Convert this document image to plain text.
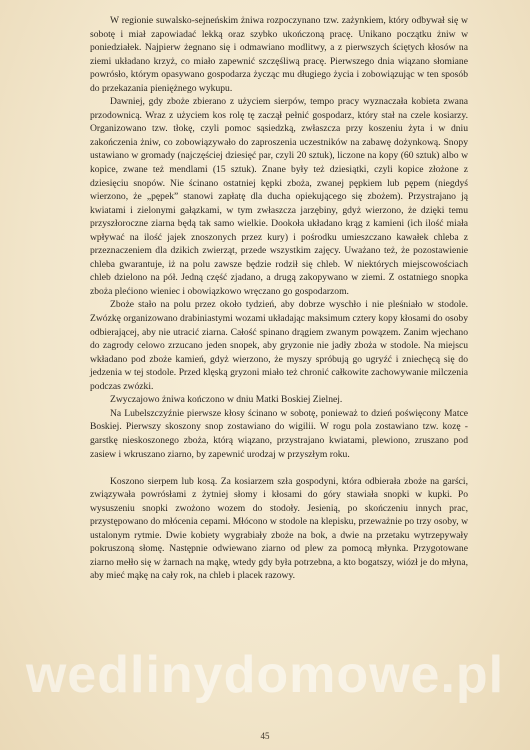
W regionie suwalsko-sejneńskim żniwa rozpoczynano tzw. zażynkiem, który odbywał się w sobotę i miał zapowiadać lekką oraz szybko ukończoną pracę. Unikano początku żniw w poniedziałek. Najpierw żegnano się i odmawiano modlitwy, a z pierwszych ściętych kłosów na ziemi układano krzyż, co miało zapewnić szczęśliwą pracę. Pierwszego dnia wiązano słomiane powrósło, którym opasywano gospodarza życząc mu długiego życia i zobowiązując w ten sposób do przekazania pieniężnego wykupu.

Dawniej, gdy zboże zbierano z użyciem sierpów, tempo pracy wyznaczała kobieta zwana przodownicą. Wraz z użyciem kos rolę tę zaczął pełnić gospodarz, który stał na czele kosiarzy. Organizowano tzw. tłokę, czyli pomoc sąsiedzką, zwłaszcza przy koszeniu żyta i w dniu zakończenia żniw, co zobowiązywało do zaproszenia uczestników na zabawę dożynkową. Snopy ustawiano w gromady (najczęściej dziesięć par, czyli 20 sztuk), liczone na kopy (60 sztuk) albo w kopice, zwane też mendlami (15 sztuk). Znane były też dziesiątki, czyli kopice złożone z dziesięciu snopów. Nie ścinano ostatniej kępki zboża, zwanej pępkiem lub pępem (niegdyś wierzono, że „pępek” stanowi zapłatę dla ducha opiekującego się zbożem). Przystrajano ją kwiatami i zielonymi gałązkami, w tym zwłaszcza jarzębiny, gdyż wierzono, że dzięki temu przyszłoroczne ziarna będą tak samo wielkie. Dookoła układano krąg z kamieni (ich ilość miała wpływać na ilość jajek znoszonych przez kury) i pośrodku umieszczano kawałek chleba z przeznaczeniem dla dzikich zwierząt, przede wszystkim zajęcy. Uważano też, że pozostawienie chleba gwarantuje, iż na polu zawsze będzie rodził się chleb. W niektórych miejscowościach chleb dzielono na pół. Jedną część zjadano, a drugą zakopywano w ziemi. Z ostatniego snopka zboża plećiono wieniec i obowiązkowo wręczano go gospodarzom.

Zboże stało na polu przez około tydzień, aby dobrze wyschło i nie pleśniało w stodole. Zwózkę organizowano drabiniastymi wozami układając maksimum cztery kopy kłosami do osoby odbierającej, aby nie utracić ziarna. Całość spinano drągiem zwanym powązem. Zanim wjechano do zagrody celowo zrzucano jeden snopek, aby gryzonie nie jadły zboża w stodole. Na miejscu wkładano pod zboże kamień, gdyż wierzono, że myszy spróbują go ugryźć i zniechęcą się do jedzenia w tej stodole. Przed klęską gryzoni miało też chronić całkowite zachowywanie milczenia podczas zwózki.

Zwyczajowo żniwa kończono w dniu Matki Boskiej Zielnej.

Na Lubelszczyźnie pierwsze kłosy ścinano w sobotę, ponieważ to dzień poświęcony Matce Boskiej. Pierwszy skoszony snop zostawiano do wigilii. W rogu pola zostawiano tzw. kozę - garstkę nieskoszonego zboża, którą wiązano, przystrajano kwiatami, plewiono, zruszano pod zasiew i wkruszano ziarno, by zapewnić urodzaj w przyszłym roku.

Koszono sierpem lub kosą. Za kosiarzem szła gospodyni, która odbierała zboże na garści, związywała powrósłami z żytniej słomy i kłosami do góry stawiała snopki w kupki. Po wysuszeniu snopki zwożono wozem do stodoły. Jesienią, po skończeniu innych prac, przystępowano do młócenia cepami. Młócono w stodole na klepisku, przeważnie po trzy osoby, w ustalonym rytmie. Dwie kobiety wygrabiały zboże na bok, a dwie na przetaku wytrzepywały pokruszoną słomę. Następnie odwiewano ziarno od plew za pomocą młynka. Przygotowane ziarno mełło się w żarnach na mąkę, wtedy gdy była potrzebna, a kto bogatszy, wiózł je do młyna, aby mieć mąkę na cały rok, na chleb i placek razowy.

wedlinydomowe.pl
45
